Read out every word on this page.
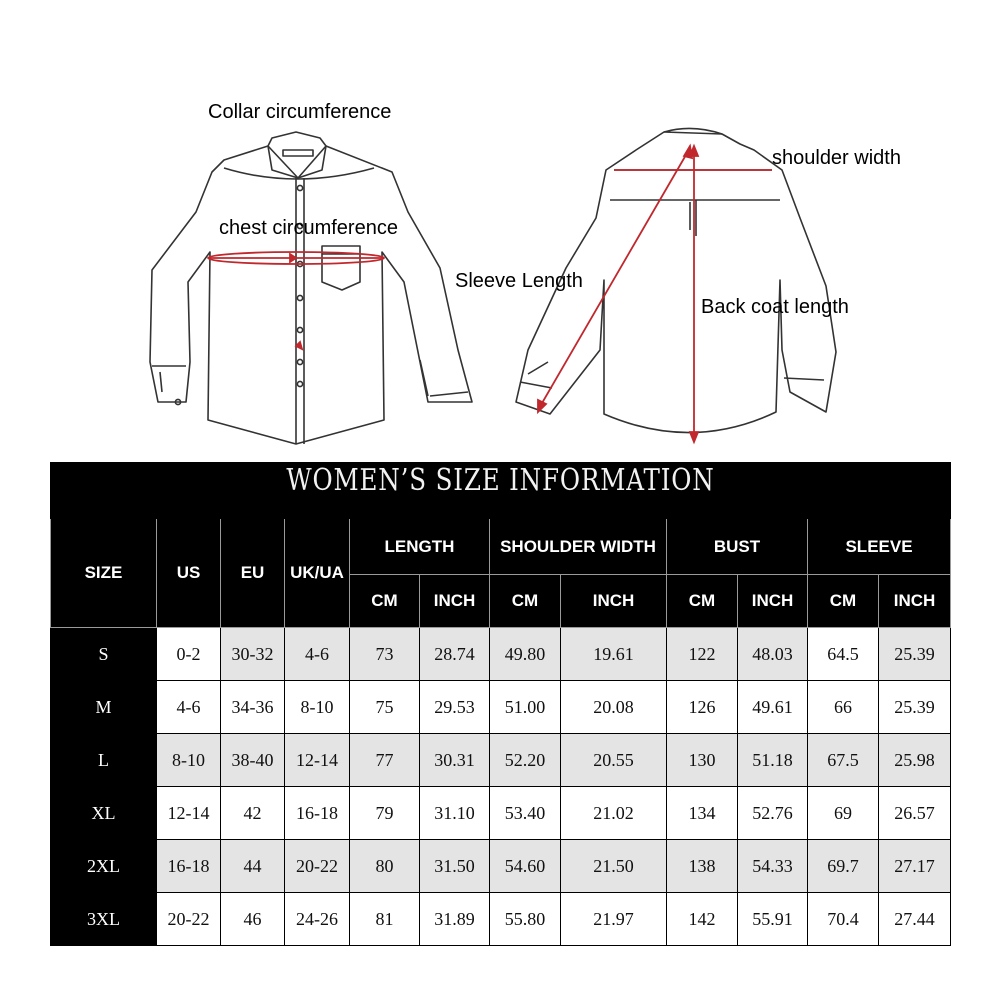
Collar circumference
chest circumference
shoulder width
Sleeve Length
Back coat length
WOMEN’S SIZE INFORMATION											

SIZE	US	EU	UK/UA	LENGTH		SHOULDER WIDTH		BUST		SLEEVE	
				CM	INCH	CM	INCH	CM	INCH	CM	INCH
S	0-2	30-32	4-6	73	28.74	49.80	19.61	122	48.03	64.5	25.39
M	4-6	34-36	8-10	75	29.53	51.00	20.08	126	49.61	66	25.39
L	8-10	38-40	12-14	77	30.31	52.20	20.55	130	51.18	67.5	25.98
XL	12-14	42	16-18	79	31.10	53.40	21.02	134	52.76	69	26.57
2XL	16-18	44	20-22	80	31.50	54.60	21.50	138	54.33	69.7	27.17
3XL	20-22	46	24-26	81	31.89	55.80	21.97	142	55.91	70.4	27.44
